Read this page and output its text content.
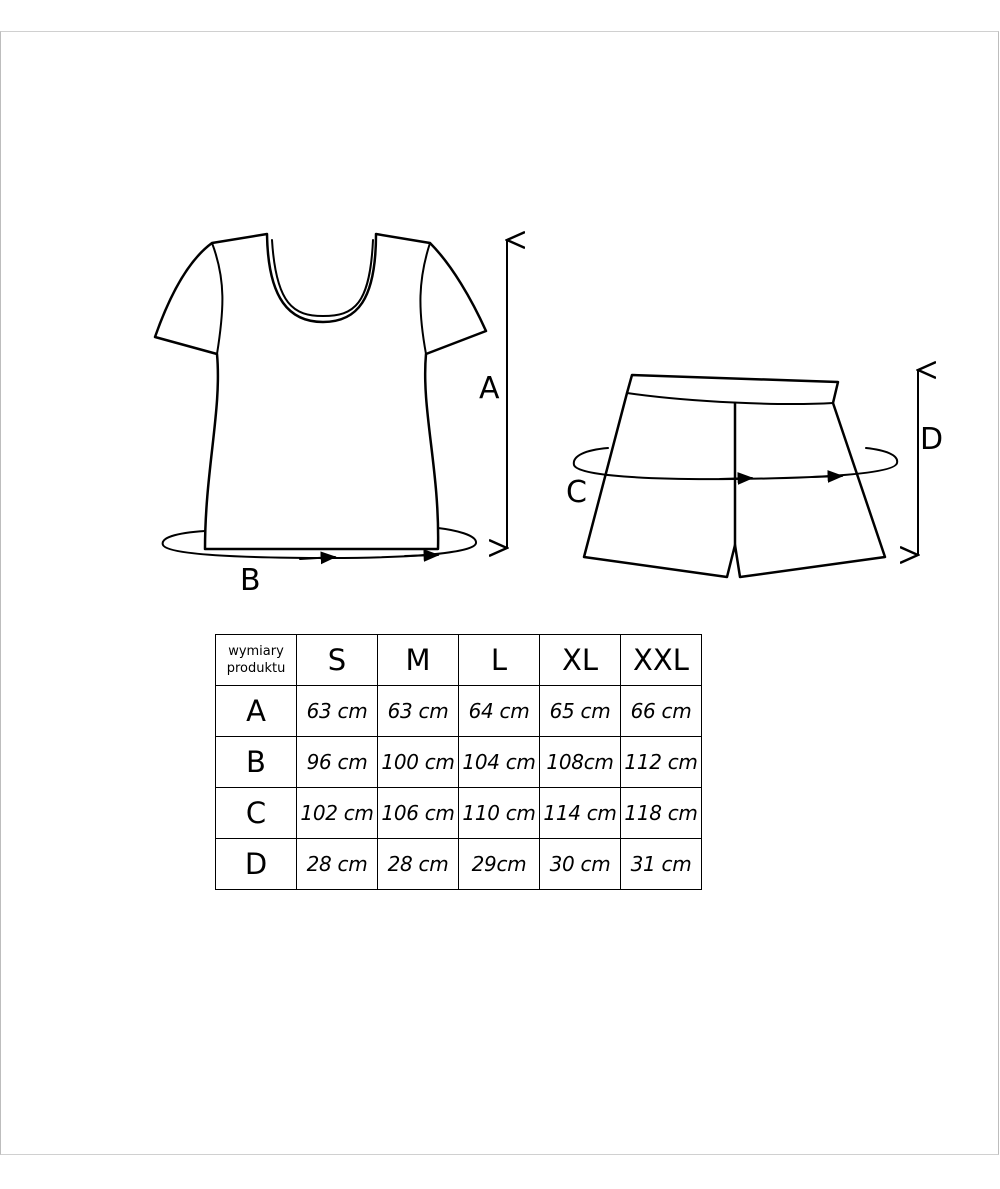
A
B
C
D
wymiary
produktu	S	M	L	XL	XXL
A	63 cm	63 cm	64 cm	65 cm	66 cm
B	96 cm	100 cm	104 cm	108cm	112 cm
C	102 cm	106 cm	110 cm	114 cm	118 cm
D	28 cm	28 cm	29cm	30 cm	31 cm
